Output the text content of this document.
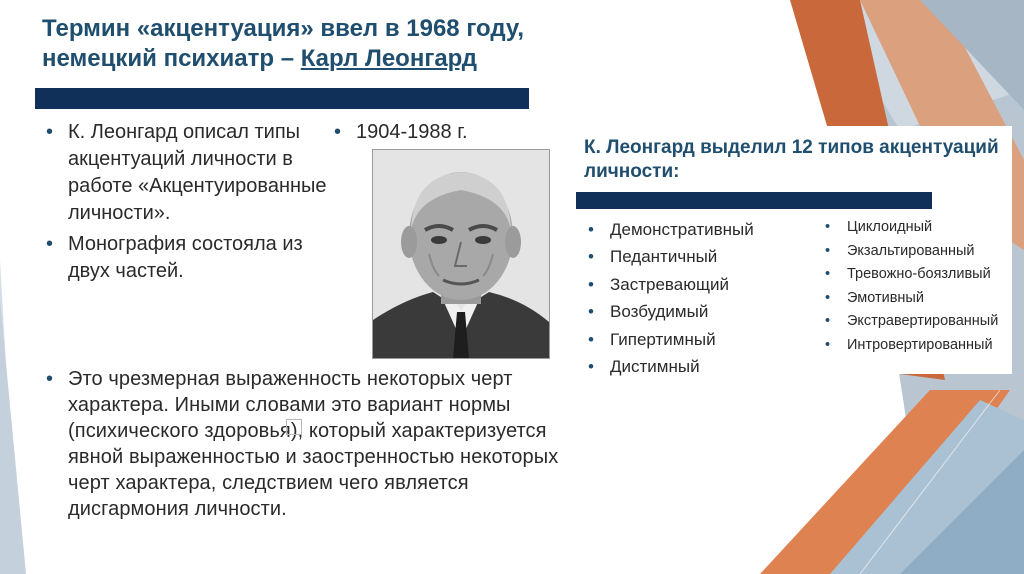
Термин «акцентуация» ввел в 1968 году,
немецкий психиатр – Карл Леонгард
• К. Леонгард описал типы акцентуаций личности в работе «Акцентуированные личности».
• Монография состояла из двух частей.
• 1904-1988 г.
• Это чрезмерная выраженность некоторых черт характера. Иными словами это вариант нормы (психического здоровья), который характеризуется явной выраженностью и заостренностью некоторых черт характера, следствием чего является дисгармония личности.
К. Леонгард выделил 12 типов акцентуаций личности:
• Демонстративный
• Педантичный
• Застревающий
• Возбудимый
• Гипертимный
• Дистимный
• Циклоидный
• Экзальтированный
• Тревожно-боязливый
• Эмотивный
• Экстравертированный
• Интровертированный
